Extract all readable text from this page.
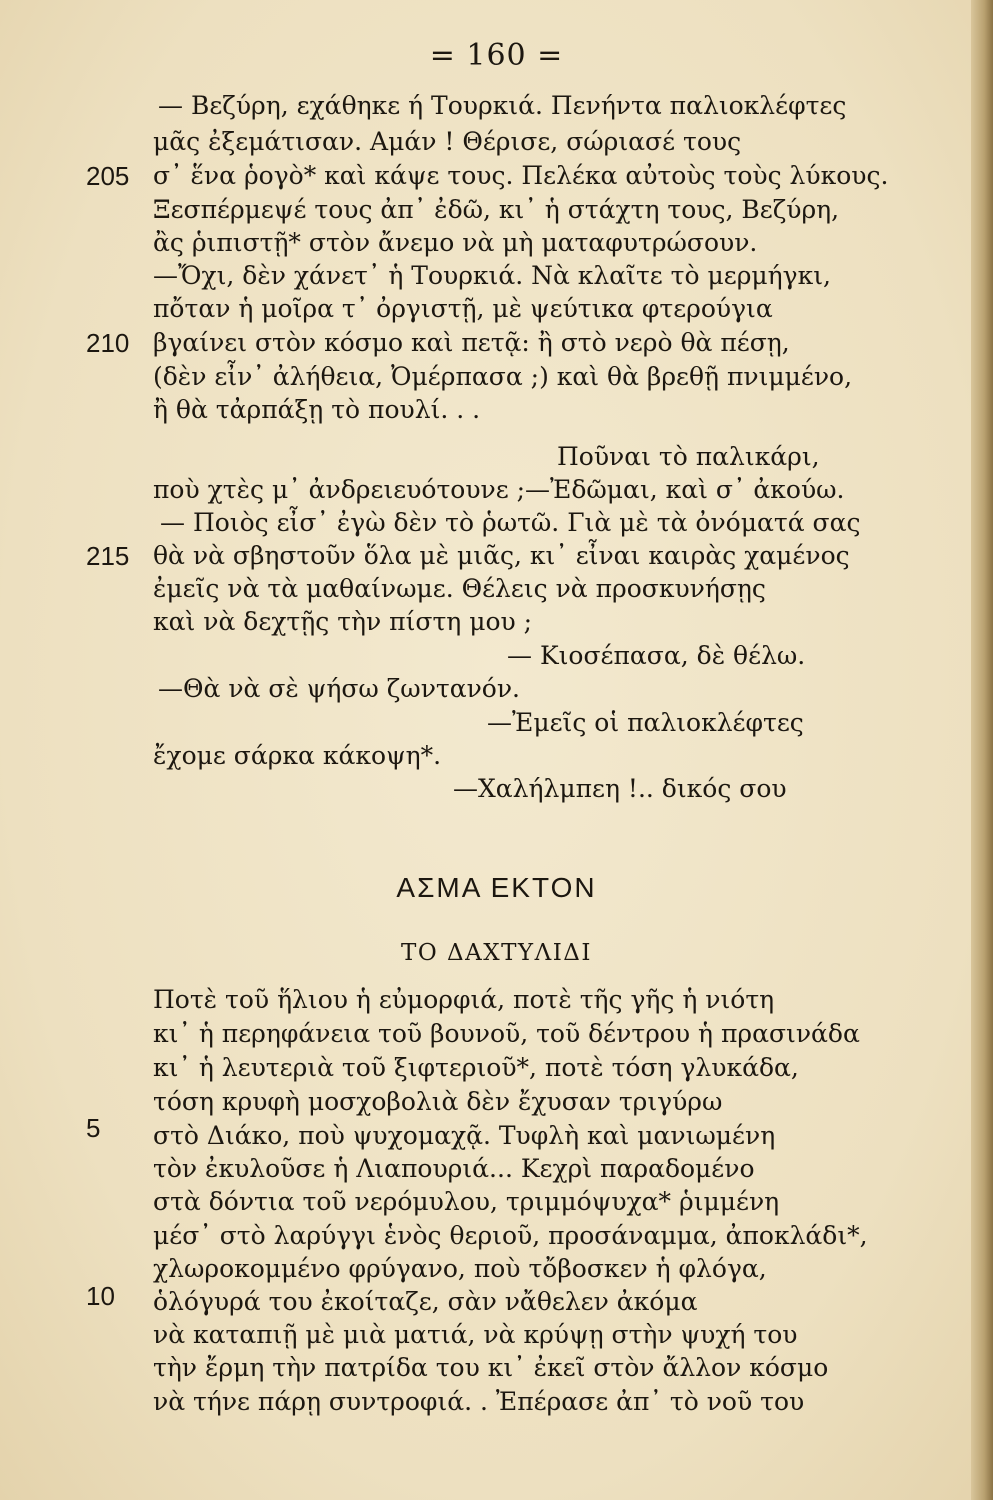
= 160 =
— Βεζύρη, εχάθηκε ή Τουρκιά. Πενήντα παλιοκλέφτες
μᾶς ἐξεμάτισαν. Αμάν ! Θέρισε, σώριασέ τους
σ᾽ ἕνα ῥογὸ* καὶ κάψε τους. Πελέκα αὐτοὺς τοὺς λύκους.
Ξεσπέρμεψέ τους ἀπ᾽ ἐδῶ, κι᾽ ἡ στάχτη τους, Βεζύρη,
ἂς ῥιπιστῇ* στὸν ἄνεμο νὰ μὴ ματαφυτρώσουν.
—Ὄχι, δὲν χάνετ᾽ ἡ Τουρκιά. Νὰ κλαῖτε τὸ μερμήγκι,
πὄταν ἡ μοῖρα τ᾽ ὀργιστῇ, μὲ ψεύτικα φτερούγια
βγαίνει στὸν κόσμο καὶ πετᾷ: ἢ στὸ νερὸ θὰ πέσῃ,
(δὲν εἶν᾽ ἀλήθεια, Ὀμέρπασα ;) καὶ θὰ βρεθῇ πνιμμένο,
ἢ θὰ τἀρπάξῃ τὸ πουλί. . .
Ποῦναι τὸ παλικάρι,
ποὺ χτὲς μ᾽ ἀνδρειευότουνε ;—Ἐδῶμαι, καὶ σ᾽ ἀκούω.
— Ποιὸς εἶσ᾽ ἐγὼ δὲν τὸ ῥωτῶ. Γιὰ μὲ τὰ ὀνόματά σας
θὰ νὰ σβηστοῦν ὅλα μὲ μιᾶς, κι᾽ εἶναι καιρὰς χαμένος
ἐμεῖς νὰ τὰ μαθαίνωμε. Θέλεις νὰ προσκυνήσῃς
καὶ νὰ δεχτῇς τὴν πίστη μου ;
— Κιοσέπασα, δὲ θέλω.
—Θὰ νὰ σὲ ψήσω ζωντανόν.
—Ἐμεῖς οἱ παλιοκλέφτες
ἔχομε σάρκα κάκοψη*.
—Χαλήλμπεη !.. δικός σου
205
210
215
ΑΣΜΑ ΕΚΤΟΝ
ΤΟ ΔΑΧΤΥΛΙΔΙ
Ποτὲ τοῦ ἥλιου ἡ εὐμορφιά, ποτὲ τῆς γῆς ἡ νιότη
κι᾽ ἡ περηφάνεια τοῦ βουνοῦ, τοῦ δέντρου ἡ πρασινάδα
κι᾽ ἡ λευτεριὰ τοῦ ξιφτεριοῦ*, ποτὲ τόση γλυκάδα,
τόση κρυφὴ μοσχοβολιὰ δὲν ἔχυσαν τριγύρω
στὸ Διάκο, ποὺ ψυχομαχᾷ. Τυφλὴ καὶ μανιωμένη
τὸν ἐκυλοῦσε ἡ Λιαπουριά... Κεχρὶ παραδομένο
στὰ δόντια τοῦ νερόμυλου, τριμμόψυχα* ῥιμμένη
μέσ᾽ στὸ λαρύγγι ἑνὸς θεριοῦ, προσάναμμα, ἀποκλάδι*,
χλωροκομμένο φρύγανο, ποὺ τὄβοσκεν ἡ φλόγα,
ὁλόγυρά του ἐκοίταζε, σὰν νἄθελεν ἀκόμα
νὰ καταπιῇ μὲ μιὰ ματιά, νὰ κρύψῃ στὴν ψυχή του
τὴν ἔρμη τὴν πατρίδα του κι᾽ ἐκεῖ στὸν ἄλλον κόσμο
νὰ τήνε πάρῃ συντροφιά. . Ἐπέρασε ἀπ᾽ τὸ νοῦ του
5
10
